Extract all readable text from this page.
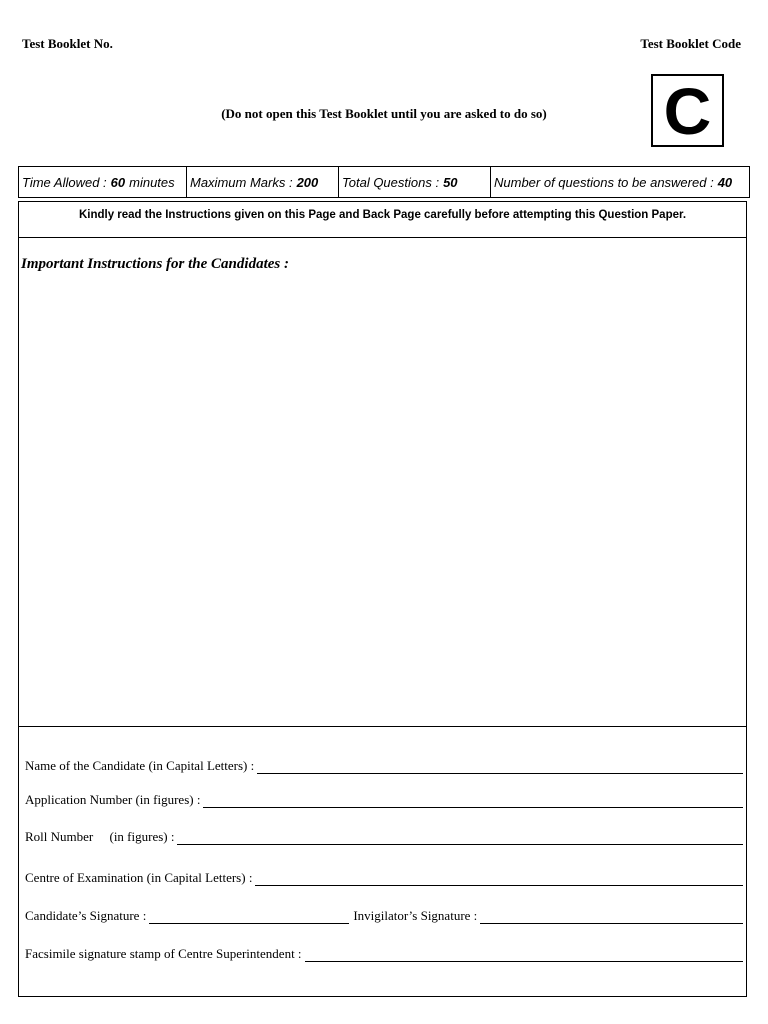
Test Booklet No.	Test Booklet Code
(Do not open this Test Booklet until you are asked to do so)	C
Time Allowed : 60 minutes Maximum Marks : 200 Total Questions : 50	Number of questions to be answered : 40
Kindly read the Instructions given on this Page and Back Page carefully before attempting this Question Paper.
Important Instructions for the Candidates :
Name of the Candidate (in Capital Letters) :
Application Number (in figures) :
Roll Number     (in figures) :
Centre of Examination (in Capital Letters) :
Candidate’s Signature :	Invigilator’s Signature :
Facsimile signature stamp of Centre Superintendent :
